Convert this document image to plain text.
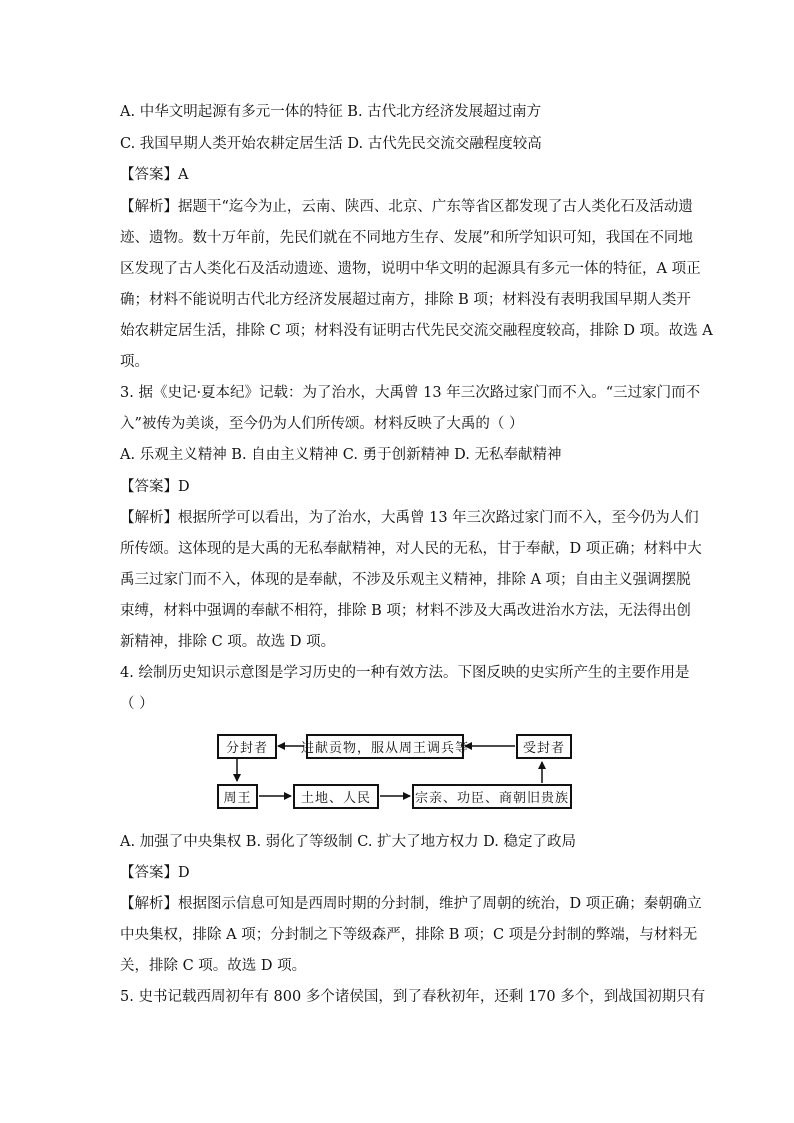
A. 中华文明起源有多元一体的特征 B. 古代北方经济发展超过南方
C. 我国早期人类开始农耕定居生活 D. 古代先民交流交融程度较高
【答案】A
【解析】据题干“迄今为止，云南、陕西、北京、广东等省区都发现了古人类化石及活动遗
迹、遗物。数十万年前，先民们就在不同地方生存、发展”和所学知识可知，我国在不同地
区发现了古人类化石及活动遗迹、遗物，说明中华文明的起源具有多元一体的特征，A 项正
确；材料不能说明古代北方经济发展超过南方，排除 B 项；材料没有表明我国早期人类开
始农耕定居生活，排除 C 项；材料没有证明古代先民交流交融程度较高，排除 D 项。故选 A
项。
3. 据《史记·夏本纪》记载：为了治水，大禹曾 13 年三次路过家门而不入。“三过家门而不
入”被传为美谈，至今仍为人们所传颂。材料反映了大禹的（ ）
A. 乐观主义精神 B. 自由主义精神 C. 勇于创新精神 D. 无私奉献精神
【答案】D
【解析】根据所学可以看出，为了治水，大禹曾 13 年三次路过家门而不入，至今仍为人们
所传颂。这体现的是大禹的无私奉献精神，对人民的无私，甘于奉献，D 项正确；材料中大
禹三过家门而不入，体现的是奉献，不涉及乐观主义精神，排除 A 项；自由主义强调摆脱
束缚，材料中强调的奉献不相符，排除 B 项；材料不涉及大禹改进治水方法，无法得出创
新精神，排除 C 项。故选 D 项。
4. 绘制历史知识示意图是学习历史的一种有效方法。下图反映的史实所产生的主要作用是
（ ）
分封者	进献贡物，服从周王调兵等	受封者
周王	土地、人民	宗亲、功臣、商朝旧贵族
A. 加强了中央集权 B. 弱化了等级制 C. 扩大了地方权力 D. 稳定了政局
【答案】D
【解析】根据图示信息可知是西周时期的分封制，维护了周朝的统治，D 项正确；秦朝确立
中央集权，排除 A 项；分封制之下等级森严，排除 B 项；C 项是分封制的弊端，与材料无
关，排除 C 项。故选 D 项。
5. 史书记载西周初年有 800 多个诸侯国，到了春秋初年，还剩 170 多个，到战国初期只有
